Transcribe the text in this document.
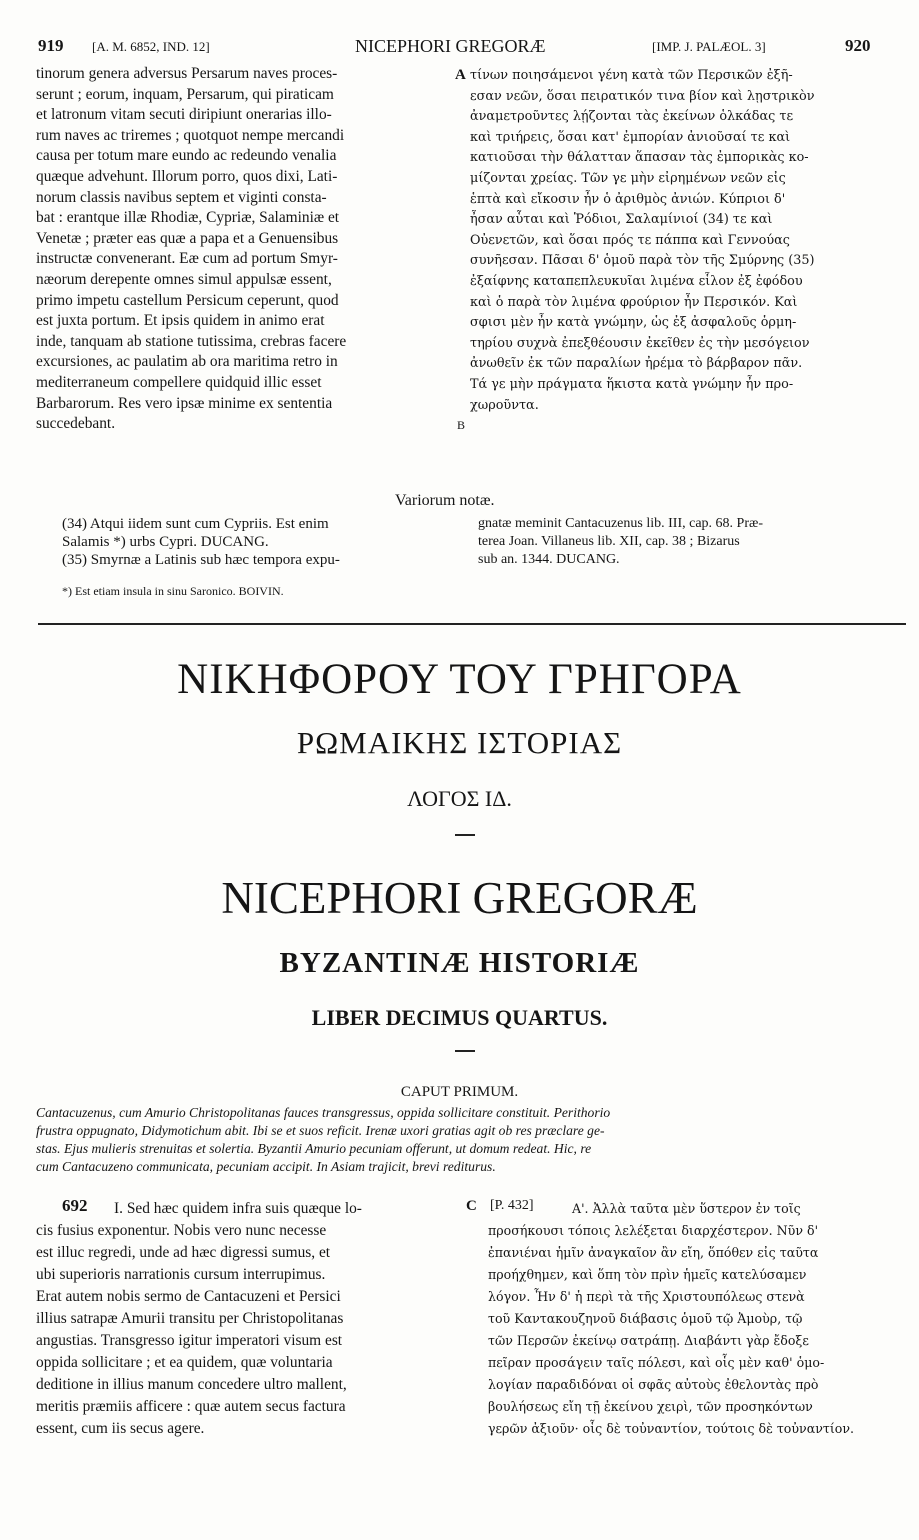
919 [A. M. 6852, IND. 12]	NICEPHORI GREGORÆ	[IMP. J. PALÆOL. 3]	920
tinorum genera adversus Persarum naves proces-
serunt ; eorum, inquam, Persarum, qui piraticam
et latronum vitam secuti diripiunt onerarias illo-
rum naves ac triremes ; quotquot nempe mercandi
causa per totum mare eundo ac redeundo venalia
quæque advehunt. Illorum porro, quos dixi, Lati-
norum classis navibus septem et viginti consta-
bat : erantque illæ Rhodiæ, Cypriæ, Salaminiæ et
Venetæ ; præter eas quæ a papa et a Genuensibus
instructæ convenerant. Eæ cum ad portum Smyr-
næorum derepente omnes simul appulsæ essent,
primo impetu castellum Persicum ceperunt, quod
est juxta portum. Et ipsis quidem in animo erat
inde, tanquam ab statione tutissima, crebras facere
excursiones, ac paulatim ab ora maritima retro in
mediterraneum compellere quidquid illic esset
Barbarorum. Res vero ipsæ minime ex sententia
succedebant.
τίνων ποιησάμενοι γένη κατὰ τῶν Περσικῶν ἐξῆ-
εσαν νεῶν, ὅσαι πειρατικόν τινα βίον καὶ λῃστρικὸν
ἀναμετροῦντες λῄζονται τὰς ἐκείνων ὁλκάδας τε
καὶ τριήρεις, ὅσαι κατ' ἐμπορίαν ἀνιοῦσαί τε καὶ
κατιοῦσαι τὴν θάλατταν ἅπασαν τὰς ἐμπορικὰς κο-
μίζονται χρείας. Τῶν γε μὴν εἰρημένων νεῶν εἰς
ἑπτὰ καὶ εἴκοσιν ἦν ὁ ἀριθμὸς ἀνιών. Κύπριοι δ'
ἦσαν αὗται καὶ Ῥόδιοι, Σαλαμίνιοί (34) τε καὶ
Οὐενετῶν, καὶ ὅσαι πρός τε πάππα καὶ Γεννούας
συνῆεσαν. Πᾶσαι δ' ὁμοῦ παρὰ τὸν τῆς Σμύρνης (35)
ἐξαίφνης καταπεπλευκυῖαι λιμένα εἷλον ἐξ ἐφόδου
καὶ ὁ παρὰ τὸν λιμένα φρούριον ἦν Περσικόν. Καὶ
σφισι μὲν ἦν κατὰ γνώμην, ὡς ἐξ ἀσφαλοῦς ὁρμη-
τηρίου συχνὰ ἐπεξθέουσιν ἐκεῖθεν ἐς τὴν μεσόγειον
ἀνωθεῖν ἐκ τῶν παραλίων ἠρέμα τὸ βάρβαρον πᾶν.
Τά γε μὴν πράγματα ἥκιστα κατὰ γνώμην ἦν προ-
χωροῦντα.
A
B
Variorum notæ.
(34) Atqui iidem sunt cum Cypriis. Est enim
Salamis *) urbs Cypri. DUCANG.
(35) Smyrnæ a Latinis sub hæc tempora expu-
gnatæ meminit Cantacuzenus lib. III, cap. 68. Præ-
terea Joan. Villaneus lib. XII, cap. 38 ; Bizarus
sub an. 1344. DUCANG.
*) Est etiam insula in sinu Saronico. BOIVIN.
ΝΙΚΗΦΟΡΟΥ ΤΟΥ ΓΡΗΓΟΡΑ
ΡΩΜΑΙΚΗΣ ΙΣΤΟΡΙΑΣ
ΛΟΓΟΣ ΙΔ.
NICEPHORI GREGORÆ
BYZANTINÆ HISTORIÆ
LIBER DECIMUS QUARTUS.
CAPUT PRIMUM.
Cantacuzenus, cum Amurio Christopolitanas fauces transgressus, oppida sollicitare constituit. Perithorio
frustra oppugnato, Didymotichum abit. Ibi se et suos reficit. Irenæ uxori gratias agit ob res præclare ge-
stas. Ejus mulieris strenuitas et solertia. Byzantii Amurio pecuniam offerunt, ut domum redeat. Hic, re
cum Cantacuzeno communicata, pecuniam accipit. In Asiam trajicit, brevi rediturus.
692	I. Sed hæc quidem infra suis quæque lo-
cis fusius exponentur. Nobis vero nunc necesse
est illuc regredi, unde ad hæc digressi sumus, et
ubi superioris narrationis cursum interrupimus.
Erat autem nobis sermo de Cantacuzeni et Persici
illius satrapæ Amurii transitu per Christopolitanas
angustias. Transgresso igitur imperatori visum est
oppida sollicitare ; et ea quidem, quæ voluntaria
deditione in illius manum concedere ultro mallent,
meritis præmiis afficere : quæ autem secus factura
essent, cum iis secus agere.
C [P. 432]	Α'. Ἀλλὰ ταῦτα μὲν ὕστερον ἐν τοῖς
προσήκουσι τόποις λελέξεται διαρχέστερον. Νῦν δ'
ἐπανιέναι ἡμῖν ἀναγκαῖον ἂν εἴη, ὅπόθεν εἰς ταῦτα
προήχθημεν, καὶ ὅπη τὸν πρὶν ἡμεῖς κατελύσαμεν
λόγον. Ἦν δ' ἡ περὶ τὰ τῆς Χριστουπόλεως στενὰ
τοῦ Καντακουζηνοῦ διάβασις ὁμοῦ τῷ Ἀμοὺρ, τῷ
τῶν Περσῶν ἐκείνῳ σατράπῃ. Διαβάντι γὰρ ἔδοξε
πεῖραν προσάγειν ταῖς πόλεσι, καὶ οἷς μὲν καθ' ὁμο-
λογίαν παραδιδόναι οἱ σφᾶς αὐτοὺς ἐθελοντὰς πρὸ
βουλήσεως εἴη τῇ ἐκείνου χειρὶ, τῶν προσηκόντων
γερῶν ἀξιοῦν· οἷς δὲ τοὐναντίον, τούτοις δὲ τοὐναντίον.
